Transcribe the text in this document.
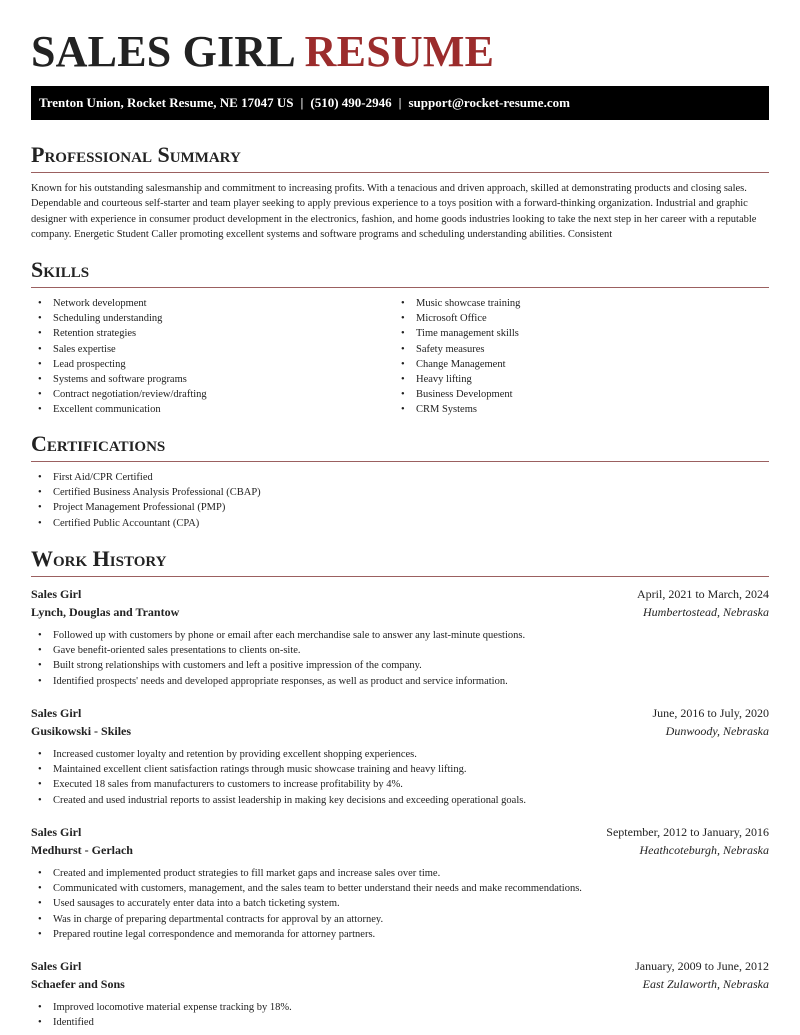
SALES GIRL RESUME
Trenton Union, Rocket Resume, NE 17047 US | (510) 490-2946 | support@rocket-resume.com
Professional Summary
Known for his outstanding salesmanship and commitment to increasing profits. With a tenacious and driven approach, skilled at demonstrating products and closing sales. Dependable and courteous self-starter and team player seeking to apply previous experience to a toys position with a forward-thinking organization. Industrial and graphic designer with experience in consumer product development in the electronics, fashion, and home goods industries looking to take the next step in her career with a reputable company. Energetic Student Caller promoting excellent systems and software programs and scheduling understanding abilities. Consistent
Skills
• Network development
• Scheduling understanding
• Retention strategies
• Sales expertise
• Lead prospecting
• Systems and software programs
• Contract negotiation/review/drafting
• Excellent communication
• Music showcase training
• Microsoft Office
• Time management skills
• Safety measures
• Change Management
• Heavy lifting
• Business Development
• CRM Systems
Certifications
• First Aid/CPR Certified
• Certified Business Analysis Professional (CBAP)
• Project Management Professional (PMP)
• Certified Public Accountant (CPA)
Work History
Sales Girl	April, 2021 to March, 2024
Lynch, Douglas and Trantow	Humbertostead, Nebraska
• Followed up with customers by phone or email after each merchandise sale to answer any last-minute questions.
• Gave benefit-oriented sales presentations to clients on-site.
• Built strong relationships with customers and left a positive impression of the company.
• Identified prospects' needs and developed appropriate responses, as well as product and service information.
Sales Girl	June, 2016 to July, 2020
Gusikowski - Skiles	Dunwoody, Nebraska
• Increased customer loyalty and retention by providing excellent shopping experiences.
• Maintained excellent client satisfaction ratings through music showcase training and heavy lifting.
• Executed 18 sales from manufacturers to customers to increase profitability by 4%.
• Created and used industrial reports to assist leadership in making key decisions and exceeding operational goals.
Sales Girl	September, 2012 to January, 2016
Medhurst - Gerlach	Heathcoteburgh, Nebraska
• Created and implemented product strategies to fill market gaps and increase sales over time.
• Communicated with customers, management, and the sales team to better understand their needs and make recommendations.
• Used sausages to accurately enter data into a batch ticketing system.
• Was in charge of preparing departmental contracts for approval by an attorney.
• Prepared routine legal correspondence and memoranda for attorney partners.
Sales Girl	January, 2009 to June, 2012
Schaefer and Sons	East Zulaworth, Nebraska
• Improved locomotive material expense tracking by 18%.
• Identified
